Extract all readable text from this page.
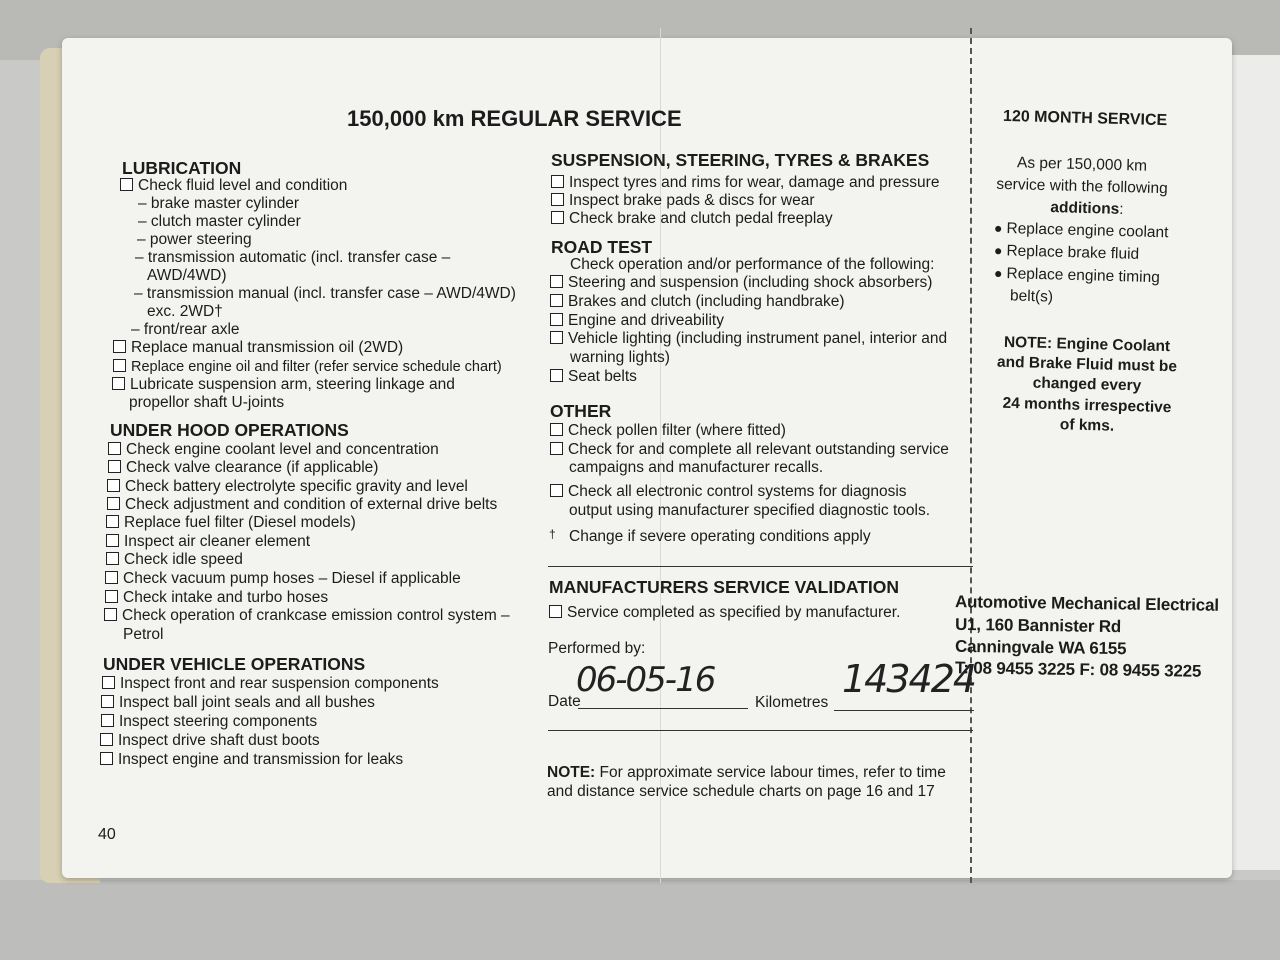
150,000 km REGULAR SERVICE
LUBRICATION
Check fluid level and condition
– brake master cylinder
– clutch master cylinder
– power steering
– transmission automatic (incl. transfer case –
AWD/4WD)
– transmission manual (incl. transfer case – AWD/4WD)
exc. 2WD†
– front/rear axle
Replace manual transmission oil (2WD)
Replace engine oil and filter (refer service schedule chart)
Lubricate suspension arm, steering linkage and
propellor shaft U-joints
UNDER HOOD OPERATIONS
Check engine coolant level and concentration
Check valve clearance (if applicable)
Check battery electrolyte specific gravity and level
Check adjustment and condition of external drive belts
Replace fuel filter (Diesel models)
Inspect air cleaner element
Check idle speed
Check vacuum pump hoses – Diesel if applicable
Check intake and turbo hoses
Check operation of crankcase emission control system –
Petrol
UNDER VEHICLE OPERATIONS
Inspect front and rear suspension components
Inspect ball joint seals and all bushes
Inspect steering components
Inspect drive shaft dust boots
Inspect engine and transmission for leaks
40
SUSPENSION, STEERING, TYRES & BRAKES
Inspect tyres and rims for wear, damage and pressure
Inspect brake pads & discs for wear
Check brake and clutch pedal freeplay
ROAD TEST
Check operation and/or performance of the following:
Steering and suspension (including shock absorbers)
Brakes and clutch (including handbrake)
Engine and driveability
Vehicle lighting (including instrument panel, interior and
warning lights)
Seat belts
OTHER
Check pollen filter (where fitted)
Check for and complete all relevant outstanding service
campaigns and manufacturer recalls.
Check all electronic control systems for diagnosis
output using manufacturer specified diagnostic tools.
† Change if severe operating conditions apply
MANUFACTURERS SERVICE VALIDATION
Service completed as specified by manufacturer.
Performed by:
Date
06-05-16
Kilometres
143424
NOTE: For approximate service labour times, refer to time
and distance service schedule charts on page 16 and 17
120 MONTH SERVICE
As per 150,000 km
service with the following
additions:
● Replace engine coolant
● Replace brake fluid
● Replace engine timing
belt(s)
NOTE: Engine Coolant
and Brake Fluid must be
changed every
24 months irrespective
of kms.
Automotive Mechanical Electrical
U1, 160 Bannister Rd
Canningvale WA 6155
T: 08 9455 3225 F: 08 9455 3225
